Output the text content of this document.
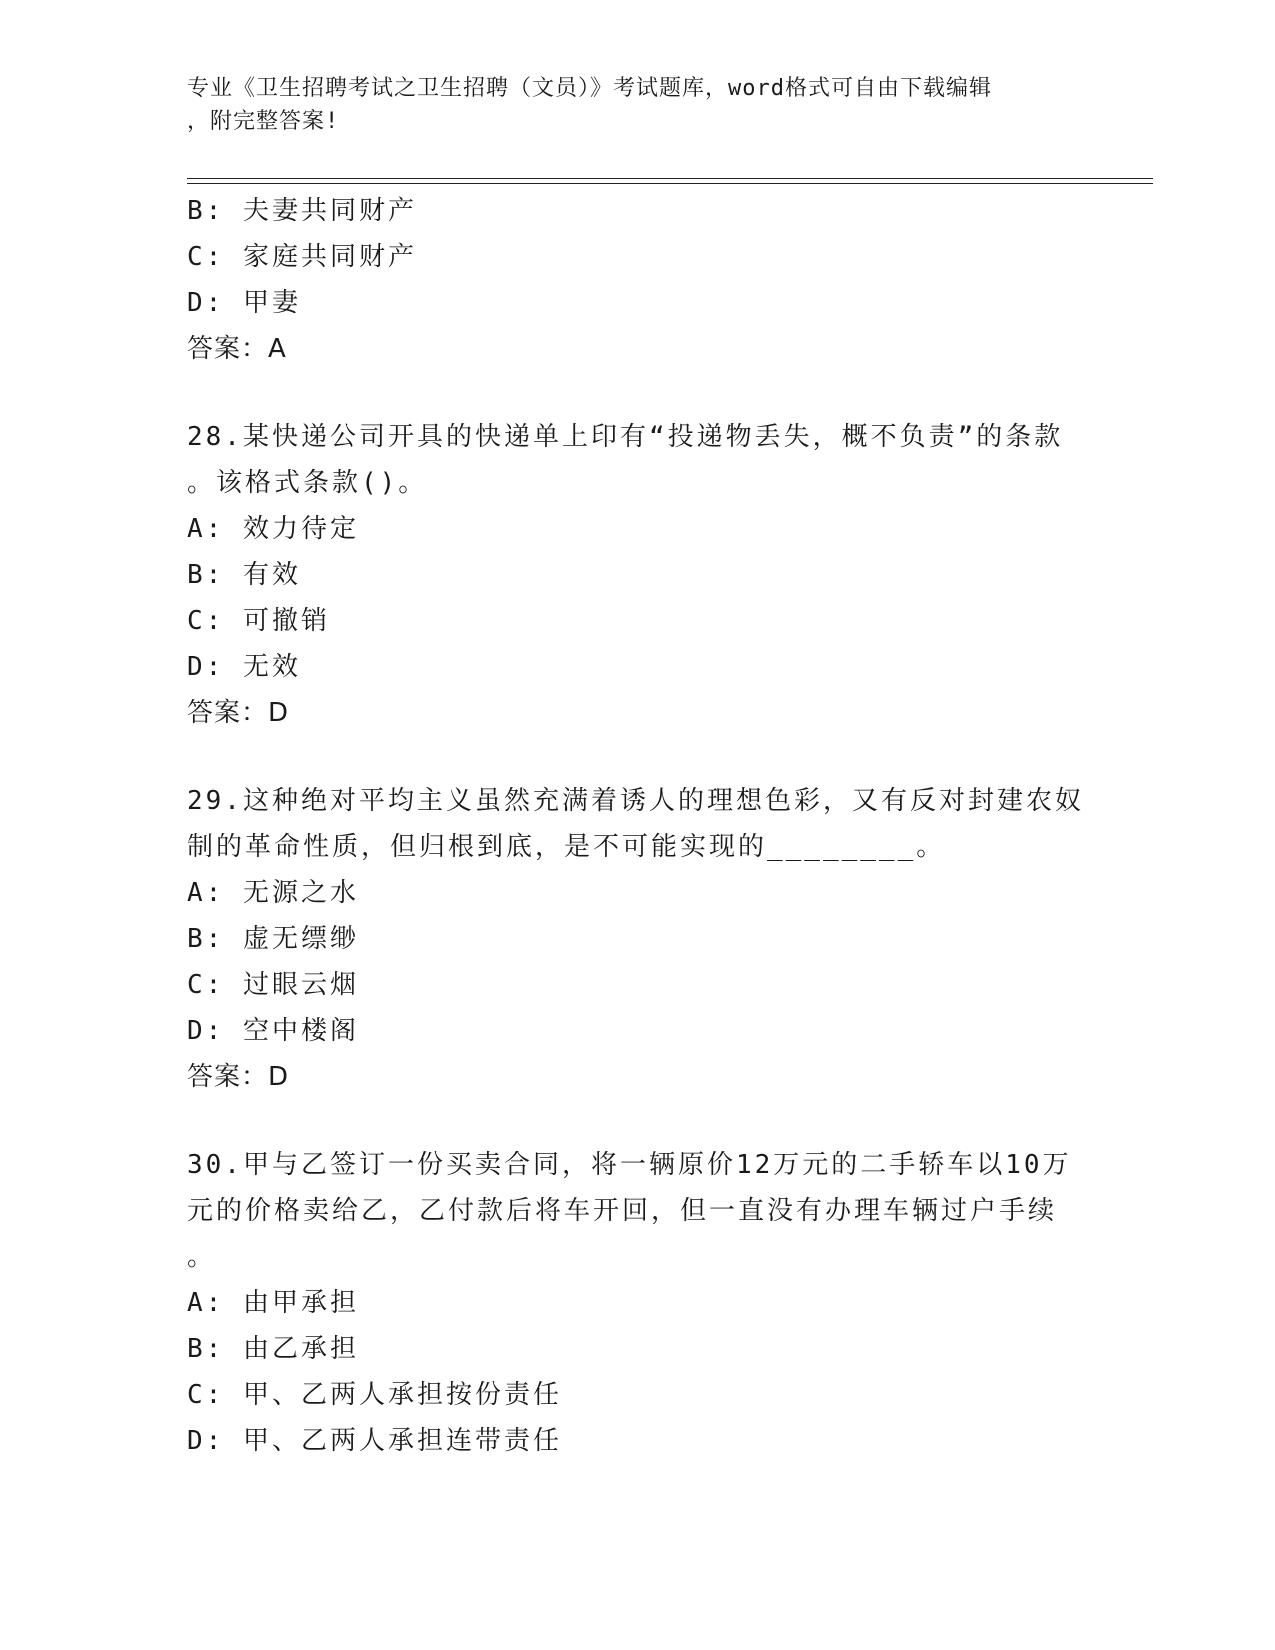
专业《卫生招聘考试之卫生招聘（文员）》考试题库，word格式可自由下载编辑
，附完整答案!
B: 夫妻共同财产
C: 家庭共同财产
D: 甲妻
答案：A
28.某快递公司开具的快递单上印有“投递物丢失，概不负责”的条款
。该格式条款()。
A: 效力待定
B: 有效
C: 可撤销
D: 无效
答案：D
29.这种绝对平均主义虽然充满着诱人的理想色彩，又有反对封建农奴
制的革命性质，但归根到底，是不可能实现的________。
A: 无源之水
B: 虚无缥缈
C: 过眼云烟
D: 空中楼阁
答案：D
30.甲与乙签订一份买卖合同，将一辆原价12万元的二手轿车以10万
元的价格卖给乙，乙付款后将车开回，但一直没有办理车辆过户手续
。
A: 由甲承担
B: 由乙承担
C: 甲、乙两人承担按份责任
D: 甲、乙两人承担连带责任
